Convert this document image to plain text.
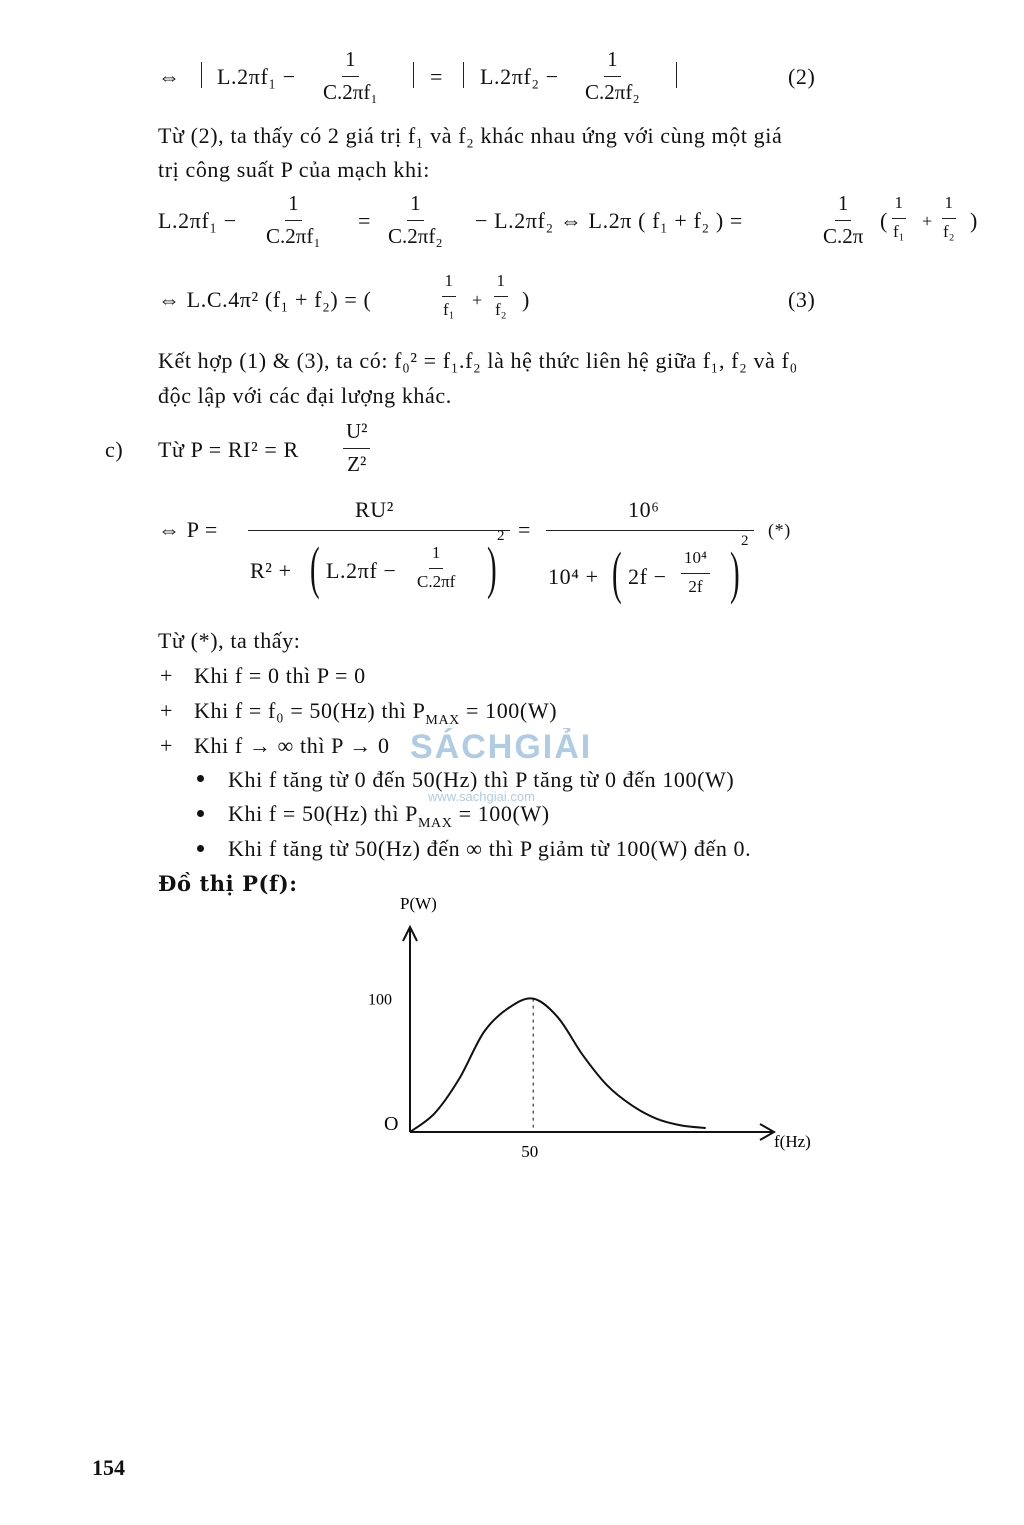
⇔ $L.2\pi f_1 - \frac{1}{\text{C.2πf₁}} = L.2\pi f_2 - \frac{1}{\text{C.2πf₂}}$	(2)
Từ (2), ta thấy có 2 giá trị f₁ và f₂ khác nhau ứng với cùng một giá
trị công suất P của mạch khi:
$L.2\pi f_1 - \frac{1}{\text{C.2πf₁}} = \frac{1}{\text{C.2πf₂}} - L.2\pi f_2$ ⇔ L.2π ( f₁ + f₂ ) =	$\frac{1}{C.2\pi}$ ( $\frac{1}{\text{f₁}} + \frac{1}{\text{f₂}}$ )
⇔ L.C.4π² (f₁ + f₂) = (	$\frac{1}{\text{f₁}} + \frac{1}{\text{f₂}}$ )	(3)
Kết hợp (1) & (3), ta có: f₀² = f₁.f₂ là hệ thức liên hệ giữa f₁, f₂ và f₀
độc lập với các đại lượng khác.
c) Từ P = RI² = R $\frac{\text{U²}}{\text{Z²}}$
⇔ P =
RU²
R² + ( $L.2\pi f - \frac{1}{C.2\pi f}$ ) 2 =
10⁶
10⁴ + ( $2f - \frac{\text{10⁴}}{2f}$ ) 2
(*)
Từ (*), ta thấy:
+ Khi f = 0 thì P = 0
+ Khi f = f₀ = 50(Hz) thì $P_{MAX} = 100(W)$
+ Khi f → ∞ thì P → 0
Khi f tăng từ 0 đến 50(Hz) thì P tăng từ 0 đến 100(W)
Khi f = 50(Hz) thì $P_{MAX} = 100(W)$
Khi f tăng từ 50(Hz) đến ∞ thì P giảm từ 100(W) đến 0.
SÁCHGIẢI
www.sachgiai.com
Đồ thị P(f):
P(W)
f(Hz)
O
50
100
154
